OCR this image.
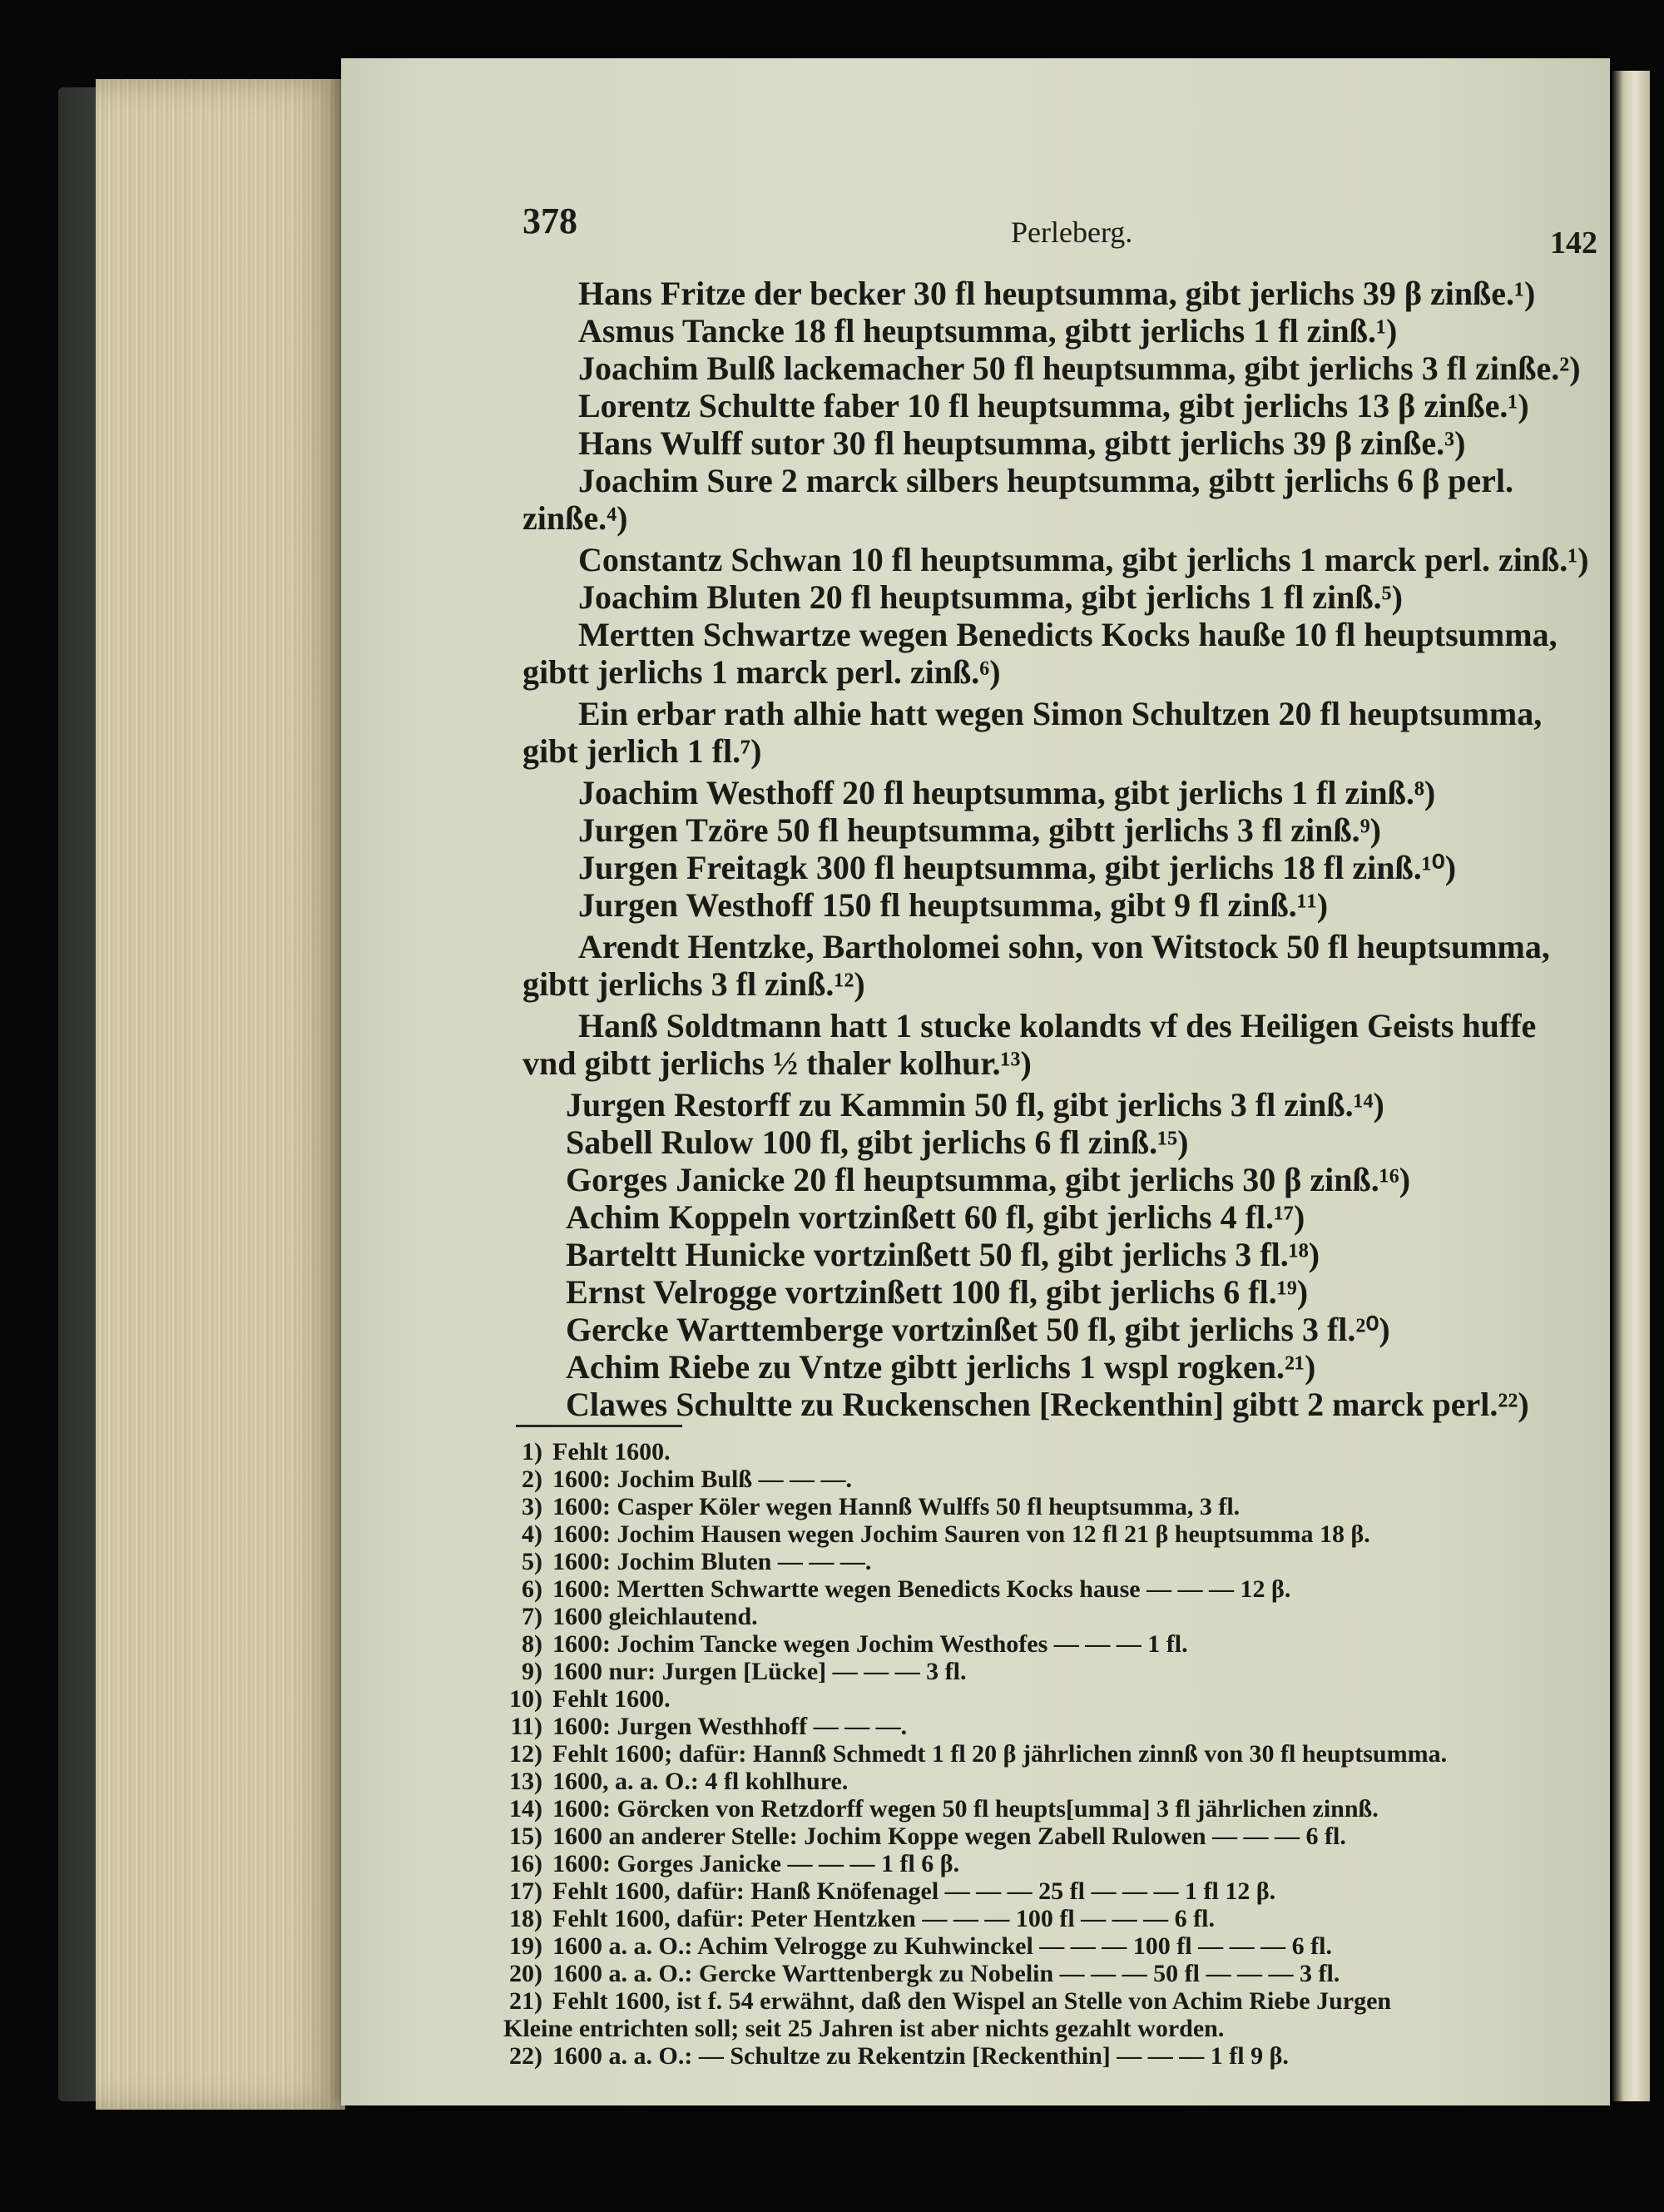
378	Perleberg.	142
Hans Fritze der becker 30 fl heuptsumma, gibt jerlichs 39 β zinße.¹)
Asmus Tancke 18 fl heuptsumma, gibtt jerlichs 1 fl zinß.¹)
Joachim Bulß lackemacher 50 fl heuptsumma, gibt jerlichs 3 fl zinße.²)
Lorentz Schultte faber 10 fl heuptsumma, gibt jerlichs 13 β zinße.¹)
Hans Wulff sutor 30 fl heuptsumma, gibtt jerlichs 39 β zinße.³)
Joachim Sure 2 marck silbers heuptsumma, gibtt jerlichs 6 β perl.
zinße.⁴)
Constantz Schwan 10 fl heuptsumma, gibt jerlichs 1 marck perl. zinß.¹)
Joachim Bluten 20 fl heuptsumma, gibt jerlichs 1 fl zinß.⁵)
Mertten Schwartze wegen Benedicts Kocks hauße 10 fl heuptsumma,
gibtt jerlichs 1 marck perl. zinß.⁶)
Ein erbar rath alhie hatt wegen Simon Schultzen 20 fl heuptsumma,
gibt jerlich 1 fl.⁷)
Joachim Westhoff 20 fl heuptsumma, gibt jerlichs 1 fl zinß.⁸)
Jurgen Tzöre 50 fl heuptsumma, gibtt jerlichs 3 fl zinß.⁹)
Jurgen Freitagk 300 fl heuptsumma, gibt jerlichs 18 fl zinß.¹⁰)
Jurgen Westhoff 150 fl heuptsumma, gibt 9 fl zinß.¹¹)
Arendt Hentzke, Bartholomei sohn, von Witstock 50 fl heuptsumma,
gibtt jerlichs 3 fl zinß.¹²)
Hanß Soldtmann hatt 1 stucke kolandts vf des Heiligen Geists huffe
vnd gibtt jerlichs ½ thaler kolhur.¹³)
Jurgen Restorff zu Kammin 50 fl, gibt jerlichs 3 fl zinß.¹⁴)
Sabell Rulow 100 fl, gibt jerlichs 6 fl zinß.¹⁵)
Gorges Janicke 20 fl heuptsumma, gibt jerlichs 30 β zinß.¹⁶)
Achim Koppeln vortzinßett 60 fl, gibt jerlichs 4 fl.¹⁷)
Barteltt Hunicke vortzinßett 50 fl, gibt jerlichs 3 fl.¹⁸)
Ernst Velrogge vortzinßett 100 fl, gibt jerlichs 6 fl.¹⁹)
Gercke Warttemberge vortzinßet 50 fl, gibt jerlichs 3 fl.²⁰)
Achim Riebe zu Vntze gibtt jerlichs 1 wspl rogken.²¹)
Clawes Schultte zu Ruckenschen [Reckenthin] gibtt 2 marck perl.²²)
1) Fehlt 1600.
2) 1600: Jochim Bulß — — —.
3) 1600: Casper Köler wegen Hannß Wulffs 50 fl heuptsumma, 3 fl.
4) 1600: Jochim Hausen wegen Jochim Sauren von 12 fl 21 β heuptsumma 18 β.
5) 1600: Jochim Bluten — — —.
6) 1600: Mertten Schwartte wegen Benedicts Kocks hause — — — 12 β.
7) 1600 gleichlautend.
8) 1600: Jochim Tancke wegen Jochim Westhofes — — — 1 fl.
9) 1600 nur: Jurgen [Lücke] — — — 3 fl.
10) Fehlt 1600.
11) 1600: Jurgen Westhhoff — — —.
12) Fehlt 1600; dafür: Hannß Schmedt 1 fl 20 β jährlichen zinnß von 30 fl heuptsumma.
13) 1600, a. a. O.: 4 fl kohlhure.
14) 1600: Görcken von Retzdorff wegen 50 fl heupts[umma] 3 fl jährlichen zinnß.
15) 1600 an anderer Stelle: Jochim Koppe wegen Zabell Rulowen — — — 6 fl.
16) 1600: Gorges Janicke — — — 1 fl 6 β.
17) Fehlt 1600, dafür: Hanß Knöfenagel — — — 25 fl — — — 1 fl 12 β.
18) Fehlt 1600, dafür: Peter Hentzken — — — 100 fl — — — 6 fl.
19) 1600 a. a. O.: Achim Velrogge zu Kuhwinckel — — — 100 fl — — — 6 fl.
20) 1600 a. a. O.: Gercke Warttenbergk zu Nobelin — — — 50 fl — — — 3 fl.
21) Fehlt 1600, ist f. 54 erwähnt, daß den Wispel an Stelle von Achim Riebe Jurgen
Kleine entrichten soll; seit 25 Jahren ist aber nichts gezahlt worden.
22) 1600 a. a. O.: — Schultze zu Rekentzin [Reckenthin] — — — 1 fl 9 β.
